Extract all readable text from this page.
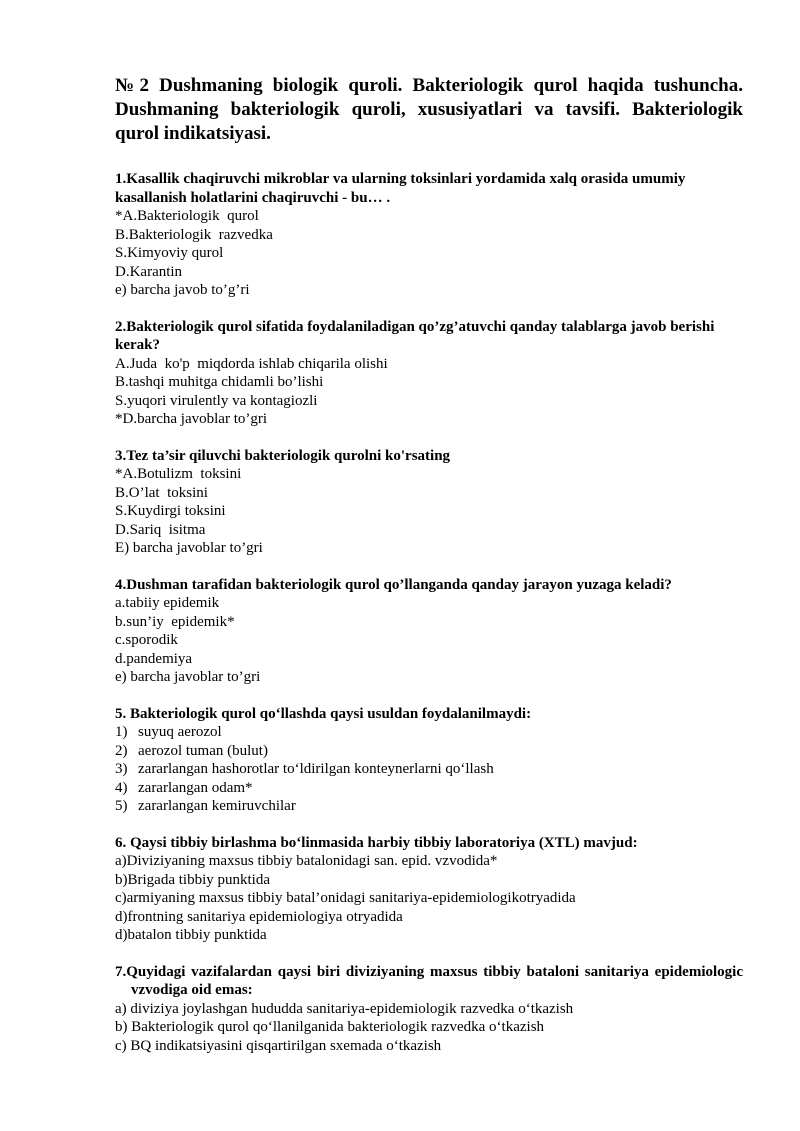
№2 Dushmaning biologik quroli. Bakteriologik qurol haqida tushuncha. Dushmaning bakteriologik quroli, xususiyatlari va tavsifi. Bakteriologik qurol indikatsiyasi.

1.Kasallik chaqiruvchi mikroblar va ularning toksinlari yordamida xalq orasida umumiy kasallanish holatlarini chaqiruvchi - bu… .

*A.Bakteriologik  qurol

B.Bakteriologik  razvedka

S.Kimyoviy qurol

D.Karantin

e) barcha javob to’g’ri

2.Bakteriologik qurol sifatida foydalaniladigan qo’zg’atuvchi qanday talablarga javob berishi kerak?

A.Juda  ko'p  miqdorda ishlab chiqarila olishi

B.tashqi muhitga chidamli bo’lishi

S.yuqori virulently va kontagiozli

*D.barcha javoblar to’gri

3.Tez ta’sir qiluvchi bakteriologik qurolni ko'rsating

*A.Botulizm  toksini

B.O’lat  toksini

S.Kuydirgi toksini

D.Sariq  isitma

E) barcha javoblar to’gri

4.Dushman tarafidan bakteriologik qurol qo’llanganda qanday jarayon yuzaga keladi?

a.tabiiy epidemik

b.sun’iy  epidemik*

c.sporodik

d.pandemiya

e) barcha javoblar to’gri

5. Bakteriologik qurol qo‘llashda qaysi usuldan foydalanilmaydi:

1) suyuq aerozol

2) aerozol tuman (bulut)

3) zararlangan hashorotlar to‘ldirilgan konteynerlarni qo‘llash

4) zararlangan odam*

5) zararlangan kemiruvchilar

6. Qaysi tibbiy birlashma bo‘linmasida harbiy tibbiy laboratoriya (XTL) mavjud:

a)Diviziyaning maxsus tibbiy batalonidagi san. epid. vzvodida*

b)Brigada tibbiy punktida

c)armiyaning maxsus tibbiy batal’onidagi sanitariya-epidemiologikotryadida

d)frontning sanitariya epidemiologiya otryadida

d)batalon tibbiy punktida

7.Quyidagi vazifalardan qaysi biri diviziyaning maxsus tibbiy bataloni sanitariya epidemiologic vzvodiga oid emas:

a) diviziya joylashgan hududda sanitariya-epidemiologik razvedka o‘tkazish

b) Bakteriologik qurol qo‘llanilganida bakteriologik razvedka o‘tkazish

c) BQ indikatsiyasini qisqartirilgan sxemada o‘tkazish
